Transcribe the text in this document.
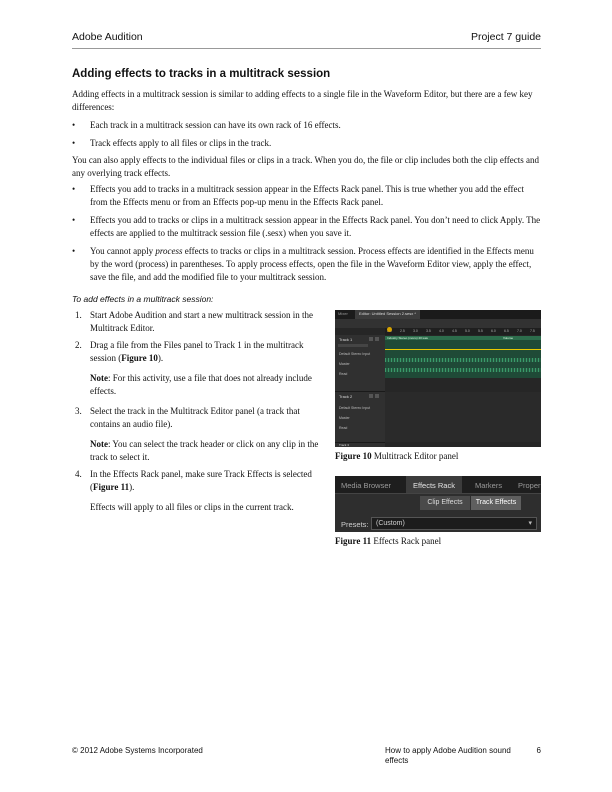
Adobe Audition	Project 7 guide
Adding effects to tracks in a multitrack session

Adding effects in a multitrack session is similar to adding effects to a single file in the Waveform Editor, but there are a few key differences:

• Each track in a multitrack session can have its own rack of 16 effects.
• Track effects apply to all files or clips in the track.

You can also apply effects to the individual files or clips in a track. When you do, the file or clip includes both the clip effects and any overlying track effects.

• Effects you add to tracks in a multitrack session appear in the Effects Rack panel. This is true whether you add the effect from the Effects menu or from an Effects pop-up menu in the Effects Rack panel.
• Effects you add to tracks or clips in a multitrack session appear in the Effects Rack panel. You don’t need to click Apply. The effects are applied to the multitrack session file (.sesx) when you save it.
• You cannot apply process effects to tracks or clips in a multitrack session. Process effects are identified in the Effects menu by the word (process) in parentheses. To apply process effects, open the file in the Waveform Editor view, apply the effect, save the file, and add the modified file to your multitrack session.
To add effects in a multitrack session:
1. Start Adobe Audition and start a new multitrack session in the Multitrack Editor.
2. Drag a file from the Files panel to Track 1 in the multitrack session (Figure 10).
Note: For this activity, use a file that does not already include effects.
3. Select the track in the Multitrack Editor panel (a track that contains an audio file).
Note: You can select the track header or click on any clip in the track to select it.
4. In the Effects Rack panel, make sure Track Effects is selected (Figure 11).
Effects will apply to all files or clips in the current track.
Mixer	Editor: Untitled Session 2.sesx *
2.5 3.0 3.5 4.0 4.5 5.0 5.5 6.0 6.5 7.0 7.5
Track 1
Default Stereo Input
Master
Read
Industry Stereo (mono) 20.wav	Volume
Track 2
Default Stereo Input
Master
Read
Track 3
Figure 10 Multitrack Editor panel
Media Browser	Effects Rack	Markers Proper
Clip Effects	Track Effects
Presets: (Custom)	▾
Figure 11 Effects Rack panel
© 2012 Adobe Systems Incorporated	How to apply Adobe Audition sound effects
6
